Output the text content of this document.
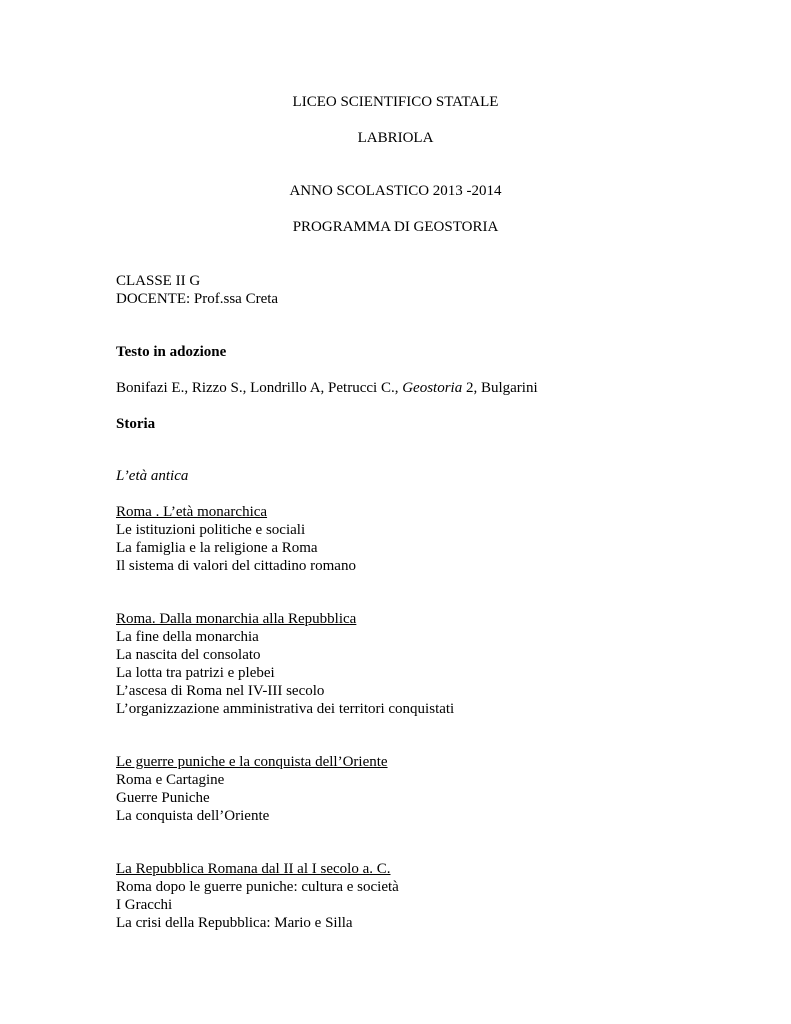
LICEO SCIENTIFICO STATALE
LABRIOLA
ANNO SCOLASTICO 2013 -2014
PROGRAMMA DI GEOSTORIA
CLASSE II G
DOCENTE: Prof.ssa Creta
Testo in adozione
Bonifazi E., Rizzo S., Londrillo A, Petrucci C., Geostoria 2, Bulgarini
Storia
L’età antica
Roma . L’età monarchica
Le istituzioni politiche e sociali
La famiglia e la religione a Roma
Il sistema di valori del cittadino romano
Roma. Dalla monarchia alla Repubblica
La fine della monarchia
La nascita del consolato
La lotta tra patrizi e plebei
L’ascesa di Roma nel IV-III secolo
L’organizzazione amministrativa dei territori conquistati
Le guerre puniche e la conquista dell’Oriente
Roma e Cartagine
Guerre Puniche
La conquista dell’Oriente
La Repubblica Romana dal II al I secolo a. C.
Roma dopo le guerre puniche: cultura e società
I Gracchi
La crisi della Repubblica: Mario e Silla
